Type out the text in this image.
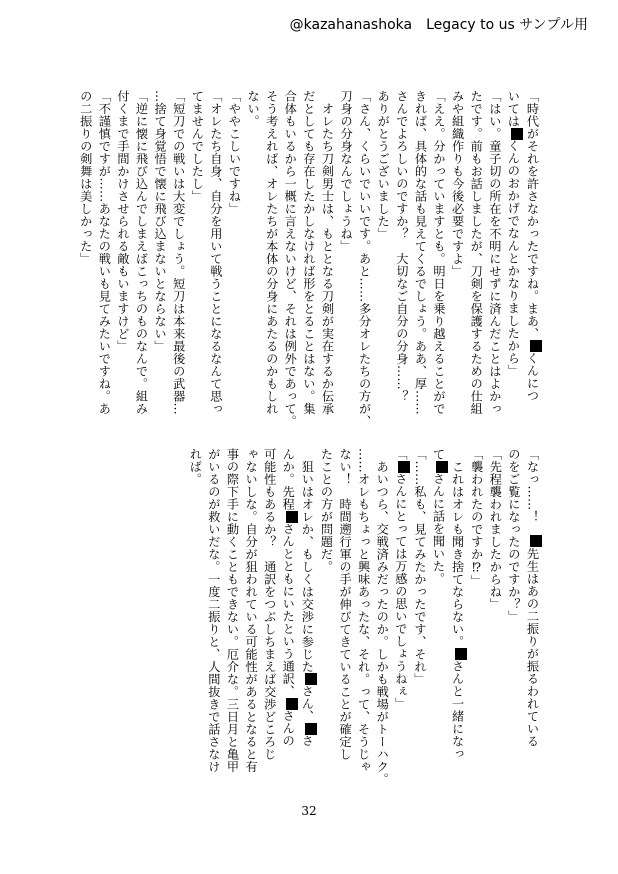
@kazahanashoka　Legacy to us サンプル用
「時代がそれを許さなかったですね。まあ、くんにつ
いてはくんのおかげでなんとかなりましたから」
「はい。童子切の所在を不明にせずに済んだことはよかっ
たです。前もお話しましたが、刀剣を保護するための仕組
みや組織作りも今後必要ですよ」
「ええ。分かっていますとも。明日を乗り越えることがで
きれば、具体的な話も見えてくるでしょう。ああ、厚……
さんでよろしいのですか？　大切なご自分の分身……？
ありがとうございました」
「さん、くらいでいいです。あと……多分オレたちの方が、
刀身の分身なんでしょうね」
　オレたち刀剣男士は、もととなる刀剣が実在するか伝承
だとしても存在したかしなければ形をとることはない。集
合体もいるから一概に言えないけど、それは例外であって。
そう考えれば、オレたちが本体の分身にあたるのかもしれ
ない。
「ややこしいですね」
「オレたち自身、自分を用いて戦うことになるなんて思っ
てませんでしたし」
「短刀での戦いは大変でしょう。短刀は本来最後の武器…
…捨て身覚悟で懐に飛び込まないとならない」
「逆に懐に飛び込んでしまえばこっちのものなんで。組み
付くまで手間かけさせられる敵もいますけど」
「不謹慎ですが……あなたの戦いも見てみたいですね。あ
の二振りの剣舞は美しかった」
「なっ……！　先生はあの二振りが振るわれている
のをご覧になったのですか？」
「先程襲われましたからね」
「襲われたのですか⁉」
　これはオレも聞き捨てならない。さんと一緒になっ
てさんに話を聞いた。
「……私も、見てみたかったです、それ」
「さんにとっては万感の思いでしょうねぇ」
　あいつら、交戦済みだったのか。しかも戦場がトーハク。
……オレもちょっと興味あったな、それ。って、そうじゃ
ない！　時間遡行軍の手が伸びてきていることが確定し
たことの方が問題だ。
　狙いはオレか、もしくは交渉に参じたさん、さ
んか。先程さんとともにいたという通訳、さんの
可能性もあるか？　通訳をつぶしちまえば交渉どころじ
ゃないしな。自分が狙われている可能性があるとなると有
事の際下手に動くこともできない。厄介な。三日月と亀甲
がいるのが救いだな。一度二振りと、人間抜きで話さなけ
れば。
32
